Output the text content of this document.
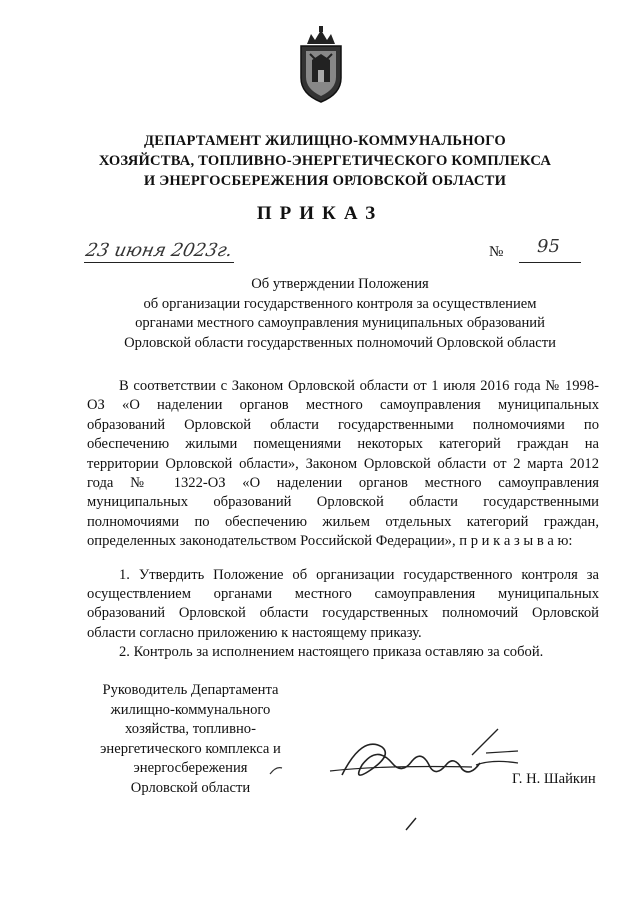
ДЕПАРТАМЕНТ ЖИЛИЩНО-КОММУНАЛЬНОГО
ХОЗЯЙСТВА, ТОПЛИВНО-ЭНЕРГЕТИЧЕСКОГО КОМПЛЕКСА
И ЭНЕРГОСБЕРЕЖЕНИЯ ОРЛОВСКОЙ ОБЛАСТИ
ПРИКАЗ
23 июня 2023г.	№ 95
Об утверждении Положения
об организации государственного контроля за осуществлением
органами местного самоуправления муниципальных образований
Орловской области государственных полномочий Орловской области

В соответствии с Законом Орловской области от 1 июля 2016 года № 1998-ОЗ «О наделении органов местного самоуправления муниципальных образований Орловской области государственными полномочиями по обеспечению жилыми помещениями некоторых категорий граждан на территории Орловской области», Законом Орловской области от 2 марта 2012 года № 1322-ОЗ «О наделении органов местного самоуправления муниципальных образований Орловской области государственными полномочиями по обеспечению жильем отдельных категорий граждан, определенных законодательством Российской Федерации», п р и к а з ы в а ю:

1. Утвердить Положение об организации государственного контроля за осуществлением органами местного самоуправления муниципальных образований Орловской области государственных полномочий Орловской области согласно приложению к настоящему приказу.

2. Контроль за исполнением настоящего приказа оставляю за собой.

Руководитель Департамента
жилищно-коммунального
хозяйства, топливно-
энергетического комплекса и
энергосбережения
Орловской области
Г. Н. Шайкин
